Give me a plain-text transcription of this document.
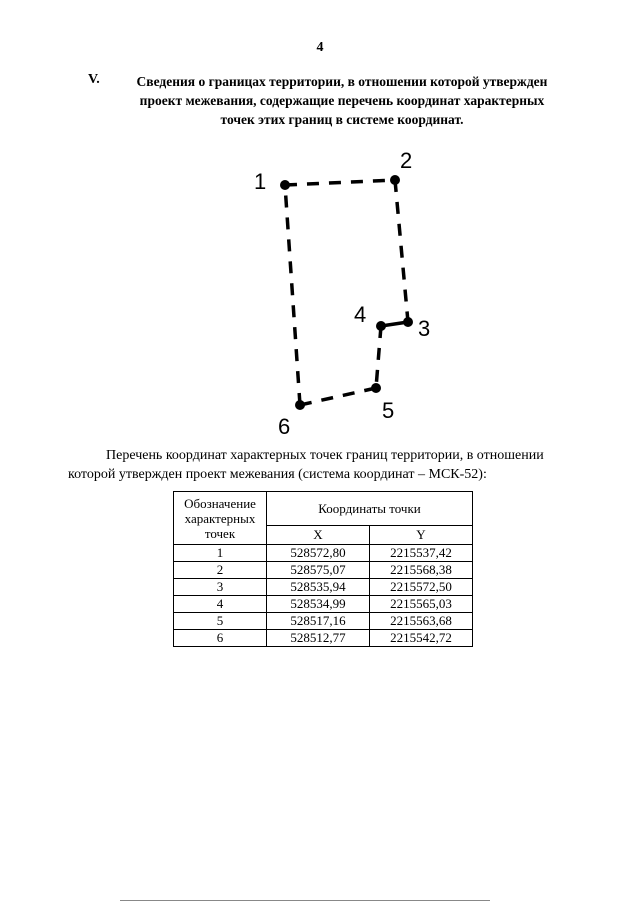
4
V.	Сведения о границах территории, в отношении которой утвержден
проект межевания, содержащие перечень координат характерных
точек этих границ в системе координат.
1
2
3
4
5
6
Перечень координат характерных точек границ территории, в отношении
которой утвержден проект межевания (система координат – МСК-52):
Обозначение характерных точек	Координаты точки	
	X	Y
1	528572,80	2215537,42
2	528575,07	2215568,38
3	528535,94	2215572,50
4	528534,99	2215565,03
5	528517,16	2215563,68
6	528512,77	2215542,72
